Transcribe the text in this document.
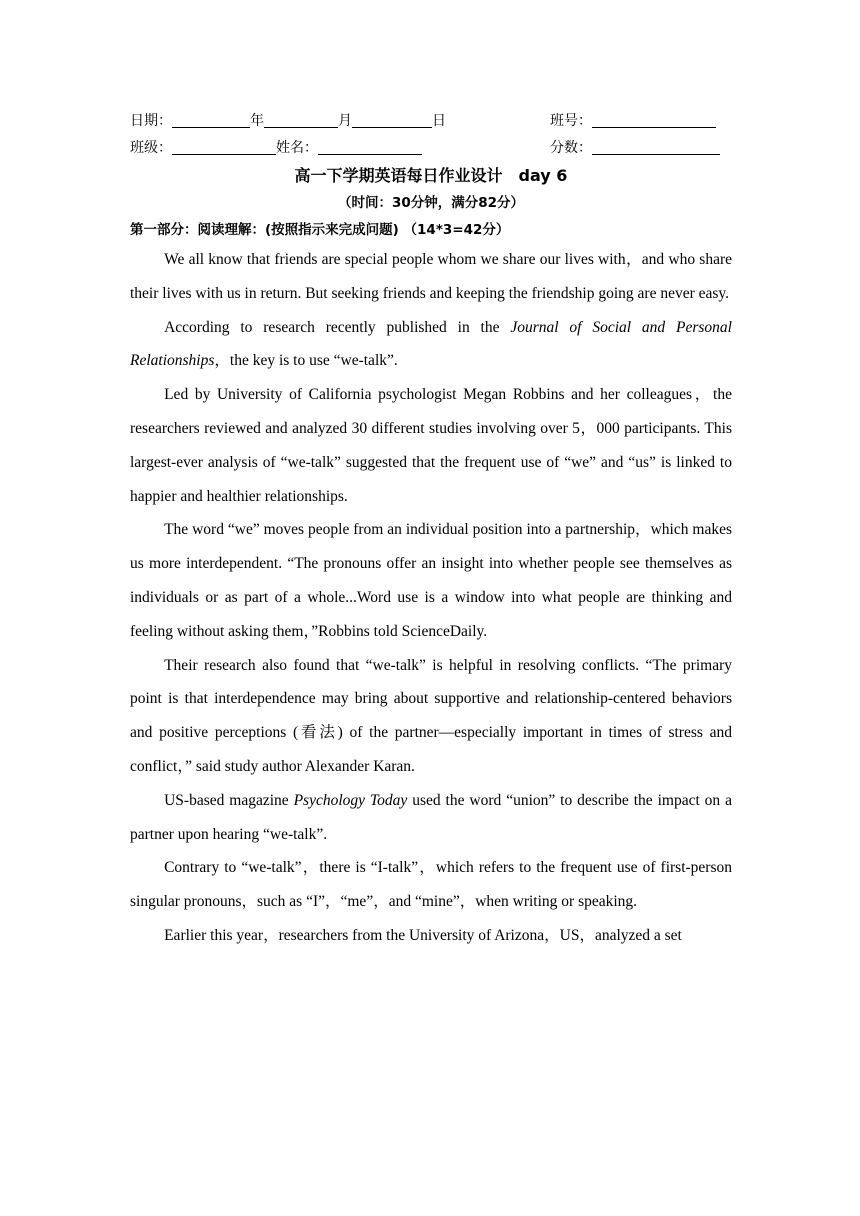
日期：	年	月	日	班号：
班级：	姓名：	分数：
高一下学期英语每日作业设计　day 6
（时间：30分钟，满分82分）
第一部分：阅读理解：(按照指示来完成问题) （14*3=42分）

We all know that friends are special people whom we share our lives with，and who share their lives with us in return. But seeking friends and keeping the friendship going are never easy.

According to research recently published in the Journal of Social and Personal Relationships，the key is to use “we-talk”.

Led by University of California psychologist Megan Robbins and her colleagues，the researchers reviewed and analyzed 30 different studies involving over 5，000 participants. This largest-ever analysis of “we-talk” suggested that the frequent use of “we” and “us” is linked to happier and healthier relationships.

The word “we” moves people from an individual position into a partnership，which makes us more interdependent. “The pronouns offer an insight into whether people see themselves as individuals or as part of a whole...Word use is a window into what people are thinking and feeling without asking them，”Robbins told ScienceDaily.

Their research also found that “we-talk” is helpful in resolving conflicts. “The primary point is that interdependence may bring about supportive and relationship-centered behaviors and positive perceptions (看法) of the partner—especially important in times of stress and conflict，” said study author Alexander Karan.

US-based magazine Psychology Today used the word “union” to describe the impact on a partner upon hearing “we-talk”.

Contrary to “we-talk”，there is “I-talk”，which refers to the frequent use of first-person singular pronouns，such as “I”，“me”，and “mine”，when writing or speaking.

Earlier this year，researchers from the University of Arizona，US，analyzed a set
